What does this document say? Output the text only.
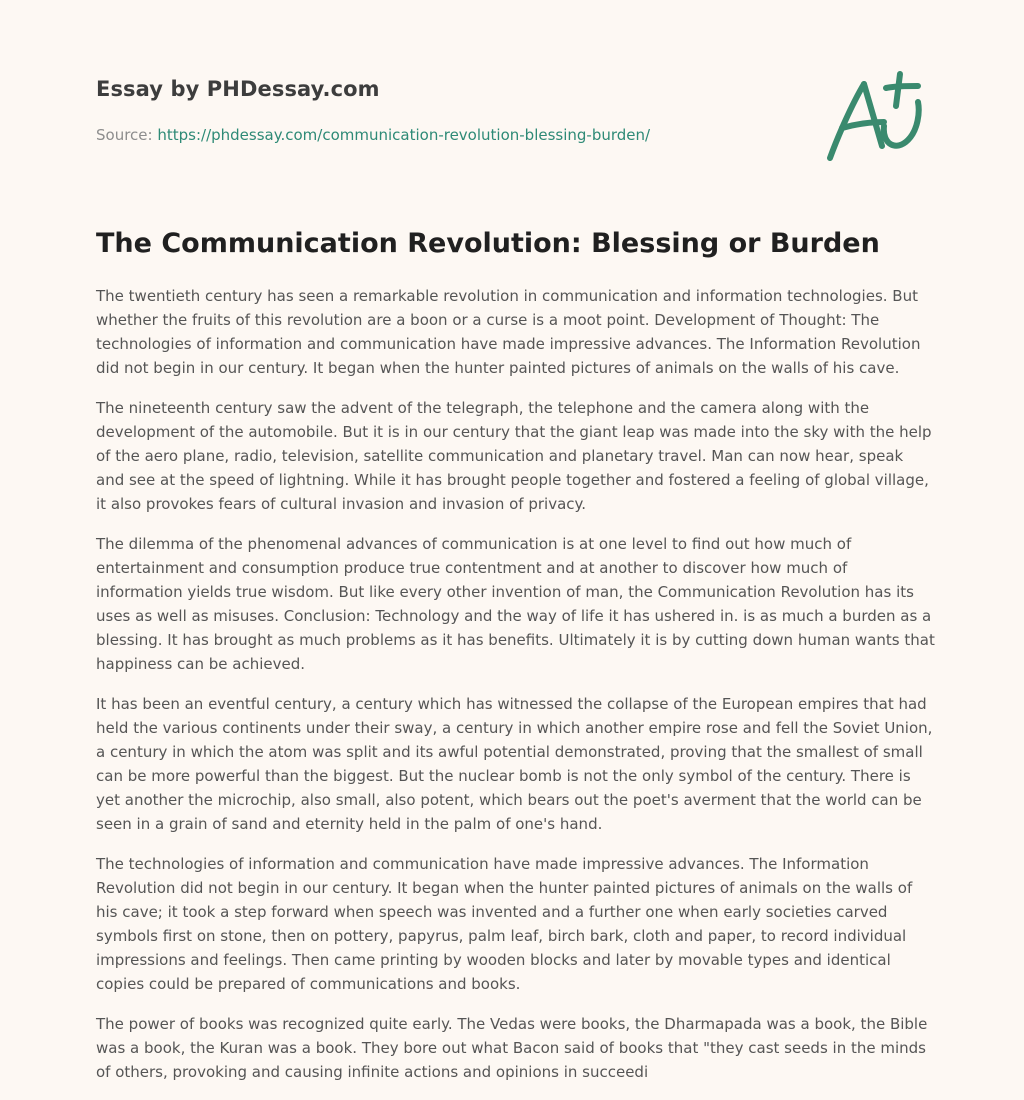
Essay by PHDessay.com
Source: https://phdessay.com/communication-revolution-blessing-burden/
The Communication Revolution: Blessing or Burden

The twentieth century has seen a remarkable revolution in communication and information technologies. But whether the fruits of this revolution are a boon or a curse is a moot point. Development of Thought: The technologies of information and communication have made impressive advances. The Information Revolution did not begin in our century. It began when the hunter painted pictures of animals on the walls of his cave.

The nineteenth century saw the advent of the telegraph, the telephone and the camera along with the development of the automobile. But it is in our century that the giant leap was made into the sky with the help of the aero plane, radio, television, satellite communication and planetary travel. Man can now hear, speak and see at the speed of lightning. While it has brought people together and fostered a feeling of global village, it also provokes fears of cultural invasion and invasion of privacy.

The dilemma of the phenomenal advances of communication is at one level to find out how much of entertainment and consumption produce true contentment and at another to discover how much of information yields true wisdom. But like every other invention of man, the Communication Revolution has its uses as well as misuses. Conclusion: Technology and the way of life it has ushered in. is as much a burden as a blessing. It has brought as much problems as it has benefits. Ultimately it is by cutting down human wants that happiness can be achieved.

It has been an eventful century, a century which has witnessed the collapse of the European empires that had held the various continents under their sway, a century in which another empire rose and fell the Soviet Union, a century in which the atom was split and its awful potential demonstrated, proving that the smallest of small can be more powerful than the biggest. But the nuclear bomb is not the only symbol of the century. There is yet another the microchip, also small, also potent, which bears out the poet's averment that the world can be seen in a grain of sand and eternity held in the palm of one's hand.

The technologies of information and communication have made impressive advances. The Information Revolution did not begin in our century. It began when the hunter painted pictures of animals on the walls of his cave; it took a step forward when speech was invented and a further one when early societies carved symbols first on stone, then on pottery, papyrus, palm leaf, birch bark, cloth and paper, to record individual impressions and feelings. Then came printing by wooden blocks and later by movable types and identical copies could be prepared of communications and books.

The power of books was recognized quite early. The Vedas were books, the Dharmapada was a book, the Bible was a book, the Kuran was a book. They bore out what Bacon said of books that "they cast seeds in the minds of others, provoking and causing infinite actions and opinions in succeedi
